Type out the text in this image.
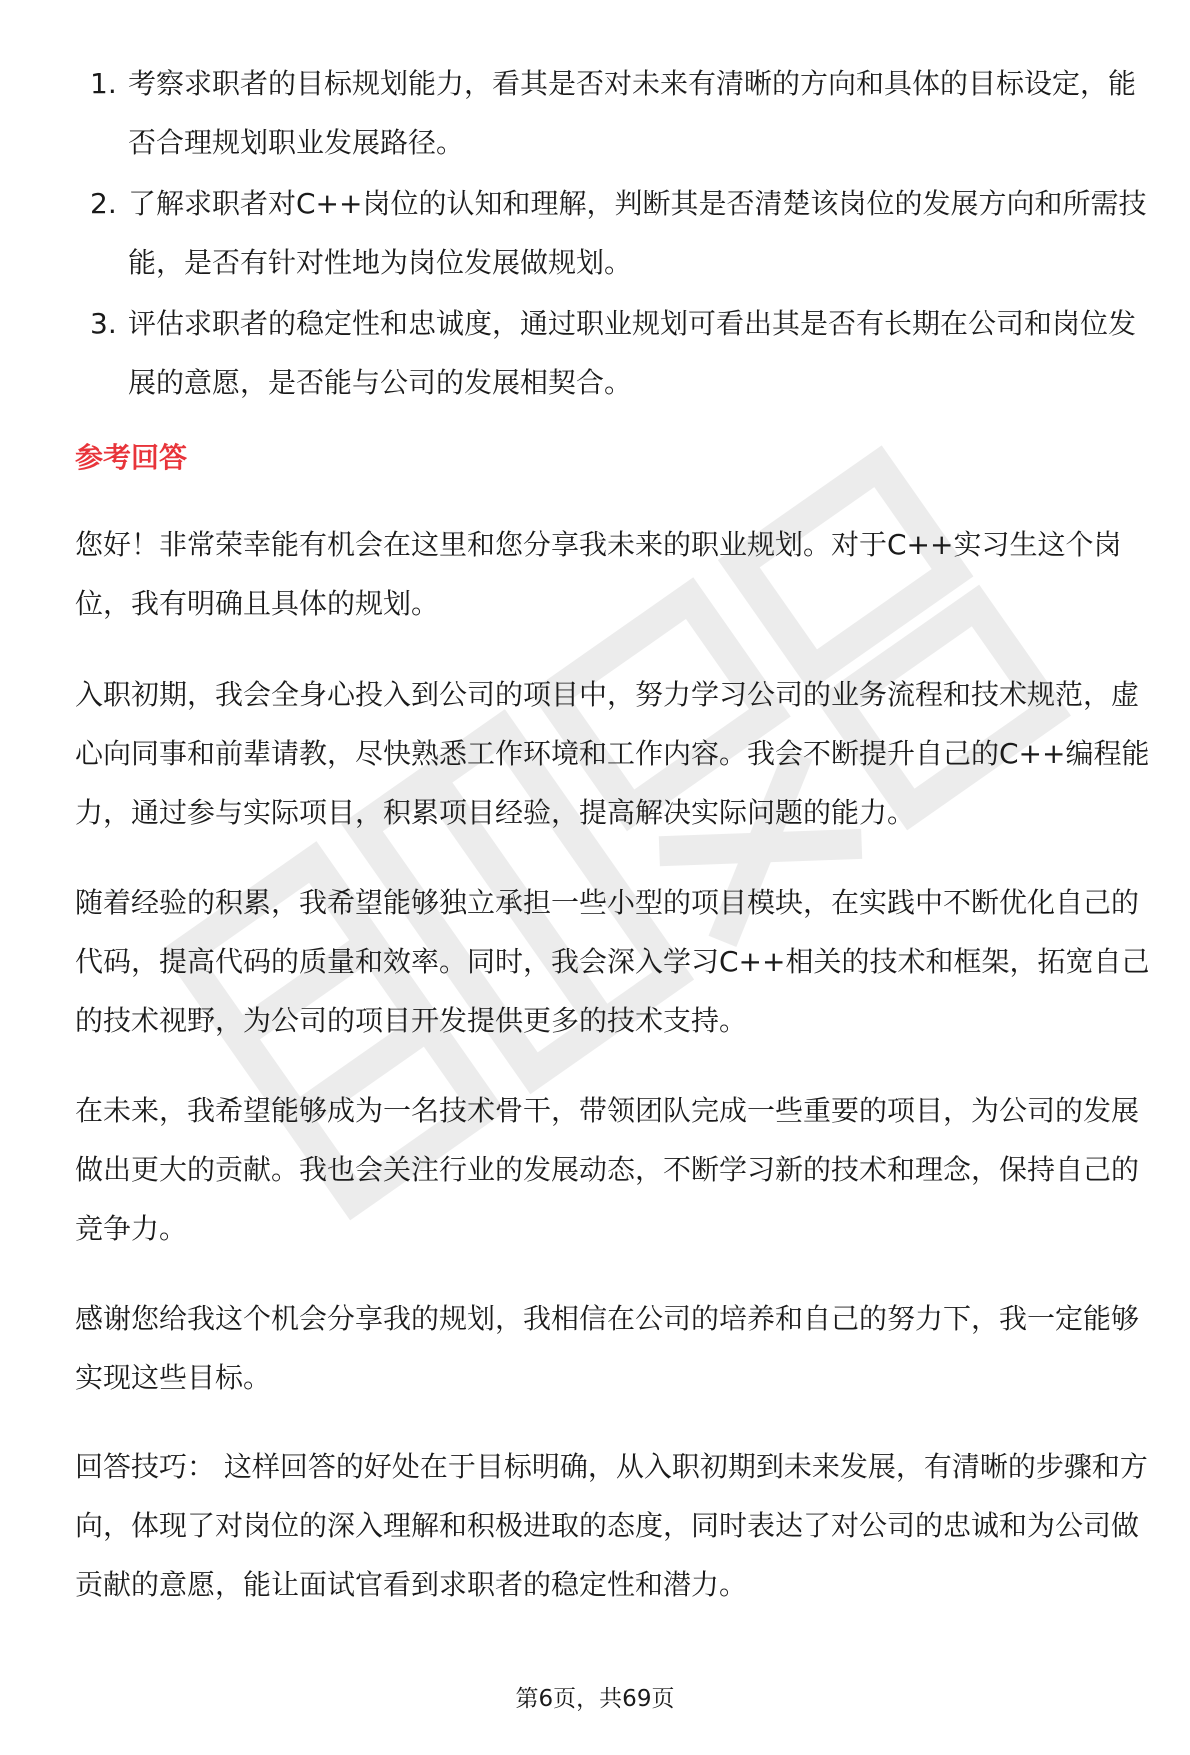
1. 考察求职者的目标规划能力，看其是否对未来有清晰的方向和具体的目标设定，能否合理规划职业发展路径。
2. 了解求职者对C++岗位的认知和理解，判断其是否清楚该岗位的发展方向和所需技能，是否有针对性地为岗位发展做规划。
3. 评估求职者的稳定性和忠诚度，通过职业规划可看出其是否有长期在公司和岗位发展的意愿，是否能与公司的发展相契合。
参考回答

您好！非常荣幸能有机会在这里和您分享我未来的职业规划。对于C++实习生这个岗位，我有明确且具体的规划。

入职初期，我会全身心投入到公司的项目中，努力学习公司的业务流程和技术规范，虚心向同事和前辈请教，尽快熟悉工作环境和工作内容。我会不断提升自己的C++编程能力，通过参与实际项目，积累项目经验，提高解决实际问题的能力。

随着经验的积累，我希望能够独立承担一些小型的项目模块，在实践中不断优化自己的代码，提高代码的质量和效率。同时，我会深入学习C++相关的技术和框架，拓宽自己的技术视野，为公司的项目开发提供更多的技术支持。

在未来，我希望能够成为一名技术骨干，带领团队完成一些重要的项目，为公司的发展做出更大的贡献。我也会关注行业的发展动态，不断学习新的技术和理念，保持自己的竞争力。

感谢您给我这个机会分享我的规划，我相信在公司的培养和自己的努力下，我一定能够实现这些目标。

回答技巧： 这样回答的好处在于目标明确，从入职初期到未来发展，有清晰的步骤和方向，体现了对岗位的深入理解和积极进取的态度，同时表达了对公司的忠诚和为公司做贡献的意愿，能让面试官看到求职者的稳定性和潜力。

第6页，共69页
